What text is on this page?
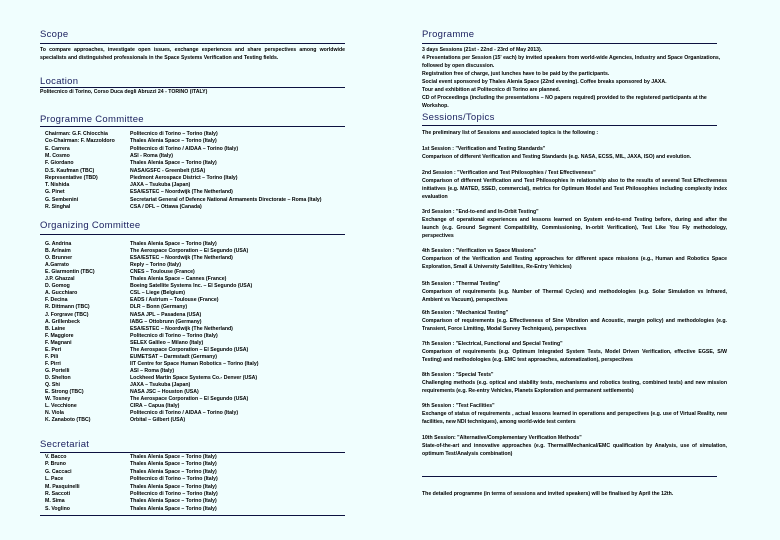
Scope
To compare approaches, investigate open issues, exchange experiences and share perspectives among worldwide specialists and distinguished professionals in the Space Systems Verification and Testing fields.
Location
Politecnico di Torino, Corso Duca degli Abruzzi 24 - TORINO (ITALY)
Programme Committee
Chairman: G.F. Chiocchia	Politecnico di Torino – Torino (Italy)
Co-Chairman: F. Mazzoldoro	Thales Alenia Space – Torino (Italy)
E. Carrera	Politecnico di Torino / AIDAA – Torino (Italy)
M. Cosmo	ASI - Roma (Italy)
F. Giordano	Thales Alenia Space – Torino (Italy)
D.S. Kaufman (TBC)	NASA/GSFC - Greenbelt (USA)
Representative (TBD)	Piedmont Aerospace District – Torino (Italy)
T. Nishida	JAXA – Tsukuba (Japan)
G. Pinet	ESA/ESTEC – Noordwijk (The Netherland)
G. Sembenini	Secretariat General of Defence National Armaments Directorate – Roma (Italy)
R. Singhal	CSA / DFL – Ottawa (Canada)
Organizing Committee
G. Andrina	Thales Alenia Space – Torino (Italy)
B. Arlnaim	The Aerospace Corporation – El Segundo (USA)
O. Brunner	ESA/ESTEC – Noordwijk (The Netherland)
A.Garrato	Reply – Torino (Italy)
E. Giarmontin (TBC)	CNES – Toulouse (France)
J.P. Ghazzal	Thales Alenia Space – Cannes (France)
D. Gomog	Boeing Satellite Systems Inc. – El Segundo (USA)
A. Gucchiaro	CSL – Liege (Belgium)
F. Decina	EADS / Astrium – Toulouse (France)
R. Dittmann (TBC)	DLR – Bonn (Germany)
J. Forgrave (TBC)	NASA JPL – Pasadena (USA)
A. Grillenbeck	IABG – Ottobrunn (Germany)
B. Laine	ESA/ESTEC – Noordwijk (The Netherland)
F. Maggiore	Politecnico di Torino – Torino (Italy)
F. Magnani	SELEX Galileo – Milano (Italy)
E. Peri	The Aerospace Corporation – El Segundo (USA)
F. Pili	EUMETSAT – Darmstadt (Germany)
F. Pirri	IIT Centre for Space Human Robotics – Torino (Italy)
G. Portelli	ASI – Roma (Italy)
D. Shelton	Lockheed Martin Space Systems Co.- Denver (USA)
Q. Shi	JAXA – Tsukuba (Japan)
E. Strong (TBC)	NASA JSC – Houston (USA)
W. Tosney	The Aerospace Corporation – El Segundo (USA)
L. Vecchione	CIRA – Capua (Italy)
N. Viola	Politecnico di Torino / AIDAA – Torino (Italy)
K. Zanaboto (TBC)	Orbital – Gilbert (USA)
Secretariat
V. Bacco	Thales Alenia Space – Torino (Italy)
P. Bruno	Thales Alenia Space – Torino (Italy)
G. Caccaci	Thales Alenia Space – Torino (Italy)
L. Pace	Politecnico di Torino – Torino (Italy)
M. Pasquinelli	Thales Alenia Space – Torino (Italy)
R. Saccoti	Politecnico di Torino – Torino (Italy)
M. Sima	Thales Alenia Space – Torino (Italy)
S. Voglino	Thales Alenia Space – Torino (Italy)
Programme
3 days Sessions (21st - 22nd - 23rd of May 2013).
4 Presentations per Session (15' each) by invited speakers from world-wide Agencies, Industry and Space Organizations, followed by open discussion.
Registration free of charge, just lunches have to be paid by the participants.
Social event sponsored by Thales Alenia Space (22nd evening). Coffee breaks sponsored by JAXA.
Tour and exhibition at Politecnico di Torino are planned.
CD of Proceedings (including the presentations – NO papers required) provided to the registered participants at the Workshop.
Sessions/Topics
The preliminary list of Sessions and associated topics is the following :
1st Session : "Verification and Testing Standards"
Comparison of different Verification and Testing Standards (e.g. NASA, ECSS, MIL, JAXA, ISO) and evolution.
2nd Session : "Verification and Test Philosophies / Test Effectiveness"
Comparison of different Verification and Test Philosophies in relationship also to the results of several Test Effectiveness initiatives (e.g. MATED, SSED, commercial), metrics for Optimum Model and Test Philosophies including complexity index evaluation
3rd Session : "End-to-end and In-Orbit Testing"
Exchange of operational experiences and lessons learned on System end-to-end Testing before, during and after the launch (e.g. Ground Segment Compatibility, Commissioning, In-orbit Verification), Test Like You Fly methodology, perspectives
4th Session : "Verification vs Space Missions"
Comparison of the Verification and Testing approaches for different space missions (e.g., Human and Robotics Space Exploration, Small & University Satellites, Re-Entry Vehicles)
5th Session : "Thermal Testing"
Comparison of requirements (e.g. Number of Thermal Cycles) and methodologies (e.g. Solar Simulation vs Infrared, Ambient vs Vacuum), perspectives
6th Session : "Mechanical Testing"
Comparison of requirements (e.g. Effectiveness of Sine Vibration and Acoustic, margin policy) and methodologies (e.g. Transient, Force Limiting, Modal Survey Techniques), perspectives
7th Session : "Electrical, Functional and Special Testing"
Comparison of requirements (e.g. Optimum Integrated System Tests, Model Driven Verification, effective EGSE, S/W Testing) and methodologies (e.g. EMC test approaches, automatization), perspectives
8th Session : "Special Tests"
Challenging methods (e.g. optical and stability tests, mechanisms and robotics testing, combined tests) and new mission requirements (e.g. Re-entry Vehicles, Planets Exploration and permanent settlements)
9th Session : "Test Facilities"
Exchange of status of requirements , actual lessons learned in operations and perspectives (e.g. use of Virtual Reality, new facilities, new NDI techniques), among world-wide test centers
10th Session: "Alternative/Complementary Verification Methods"
State-of-the-art and innovative approaches (e.g. Thermal/Mechanical/EMC qualification by Analysis, use of simulation, optimum Test/Analysis combination)
The detailed programme (in terms of sessions and invited speakers) will be finalised by April the 12th.
